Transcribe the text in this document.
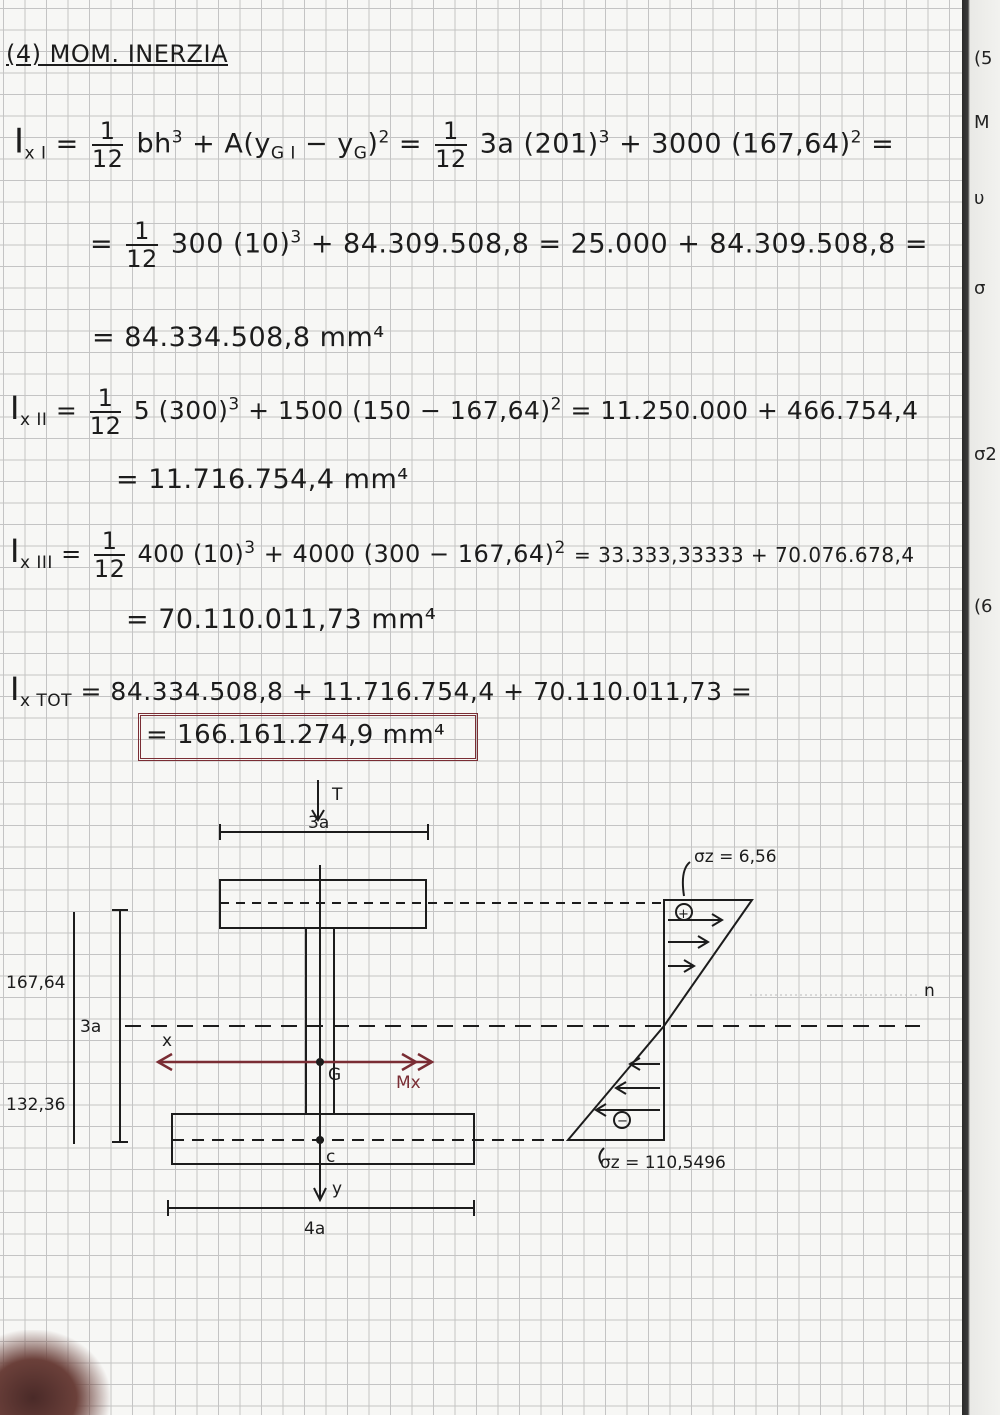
(5
M
υ
σ
σ2
(6
(4) MOM. INERZIA
$I_{x I} = \frac{1}{12} bh^3 + A(y_{G I} - y_G)^2 = \frac{1}{12} 3a$ $(201)^3 + 3000$ $(167,64)^2$ =
= $\frac{1}{12} 300$ $(10)^3 + 84.309.508,8 = 25.000 + 84.309.508,8$ =
= 84.334.508,8 mm⁴
$I_{x II} = \frac{1}{12} 5$ $(300)^3 + 1500$ $(150 - 167,64)^2 = 11.250.000 + 466.754,4$
= 11.716.754,4 mm⁴
$I_{x III} = \frac{1}{12} 400$ $(10)^3 + 4000$ $(300 - 167,64)^2 = 33.333,33333 + 70.076.678,4$
= 70.110.011,73 mm⁴
$I_{x TOT} = 84.334.508,8 + 11.716.754,4 + 70.110.011,73$ =
= 166.161.274,9 mm⁴
T
3a
3a
167,64
132,36
x
G	Mx
c
y
4a
n
σz = 6,56
σz = 110,5496
+
−
